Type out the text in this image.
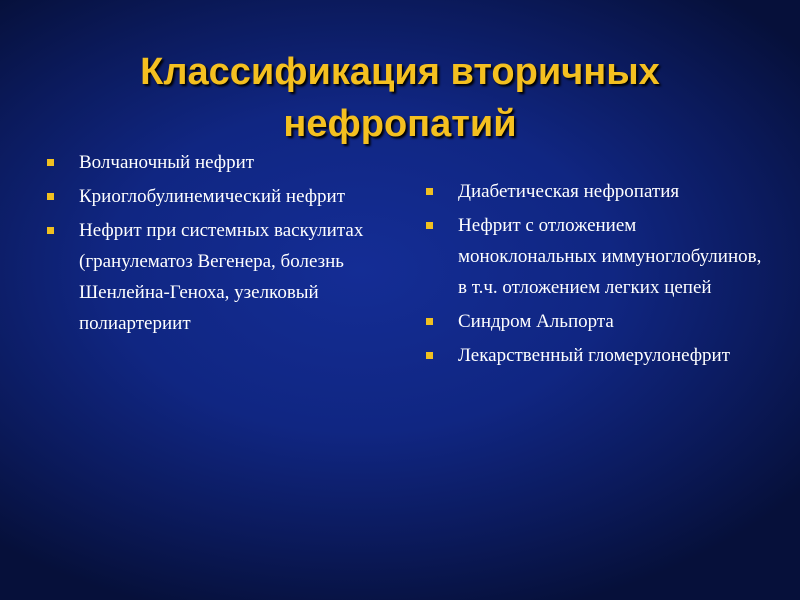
Классификация вторичных
нефропатий
Волчаночный нефрит
Криоглобулинемический нефрит
Нефрит при системных васкулитах (гранулематоз Вегенера, болезнь Шенлейна-Геноха, узелковый полиартериит
Диабетическая нефропатия
Нефрит с отложением моноклональных иммуноглобулинов, в т.ч. отложением легких цепей
Синдром Альпорта
Лекарственный гломерулонефрит
